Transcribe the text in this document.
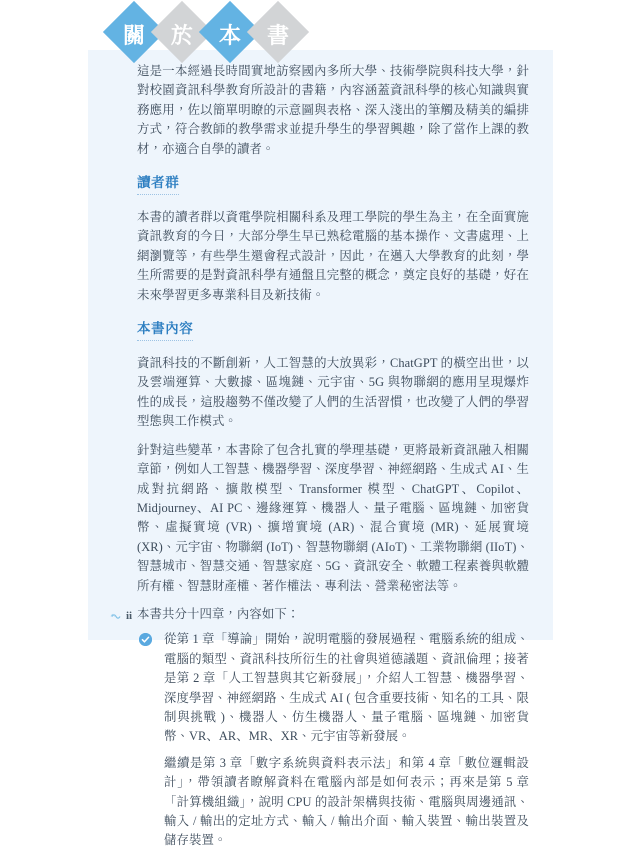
關	於	本	書

這是一本經過長時間實地訪察國內多所大學、技術學院與科技大學，針對校園資訊科學教育所設計的書籍，內容涵蓋資訊科學的核心知識與實務應用，佐以簡單明瞭的示意圖與表格、深入淺出的筆觸及精美的編排方式，符合教師的教學需求並提升學生的學習興趣，除了當作上課的教材，亦適合自學的讀者。

讀者群

本書的讀者群以資電學院相關科系及理工學院的學生為主，在全面實施資訊教育的今日，大部分學生早已熟稔電腦的基本操作、文書處理、上網瀏覽等，有些學生還會程式設計，因此，在邁入大學教育的此刻，學生所需要的是對資訊科學有通盤且完整的概念，奠定良好的基礎，好在未來學習更多專業科目及新技術。

本書內容

資訊科技的不斷創新，人工智慧的大放異彩，ChatGPT 的橫空出世，以及雲端運算、大數據、區塊鏈、元宇宙、5G 與物聯網的應用呈現爆炸性的成長，這股趨勢不僅改變了人們的生活習慣，也改變了人們的學習型態與工作模式。

針對這些變革，本書除了包含扎實的學理基礎，更將最新資訊融入相關章節，例如人工智慧、機器學習、深度學習、神經網路、生成式 AI、生成對抗網路、擴散模型、Transformer 模型、ChatGPT、Copilot、Midjourney、AI PC、邊緣運算、機器人、量子電腦、區塊鏈、加密貨幣、虛擬實境 (VR)、擴增實境 (AR)、混合實境 (MR)、延展實境 (XR)、元宇宙、物聯網 (IoT)、智慧物聯網 (AIoT)、工業物聯網 (IIoT)、智慧城市、智慧交通、智慧家庭、5G、資訊安全、軟體工程素養與軟體所有權、智慧財產權、著作權法、專利法、營業秘密法等。

本書共分十四章，內容如下：

從第 1 章「導論」開始，說明電腦的發展過程、電腦系統的組成、電腦的類型、資訊科技所衍生的社會與道德議題、資訊倫理；接著是第 2 章「人工智慧與其它新發展」，介紹人工智慧、機器學習、深度學習、神經網路、生成式 AI ( 包含重要技術、知名的工具、限制與挑戰 )、機器人、仿生機器人、量子電腦、區塊鏈、加密貨幣、VR、AR、MR、XR、元宇宙等新發展。

繼續是第 3 章「數字系統與資料表示法」和第 4 章「數位邏輯設計」，帶領讀者瞭解資料在電腦內部是如何表示；再來是第 5 章「計算機組織」，說明 CPU 的設計架構與技術、電腦與周邊通訊、輸入 / 輸出的定址方式、輸入 / 輸出介面、輸入裝置、輸出裝置及儲存裝置。

ii
